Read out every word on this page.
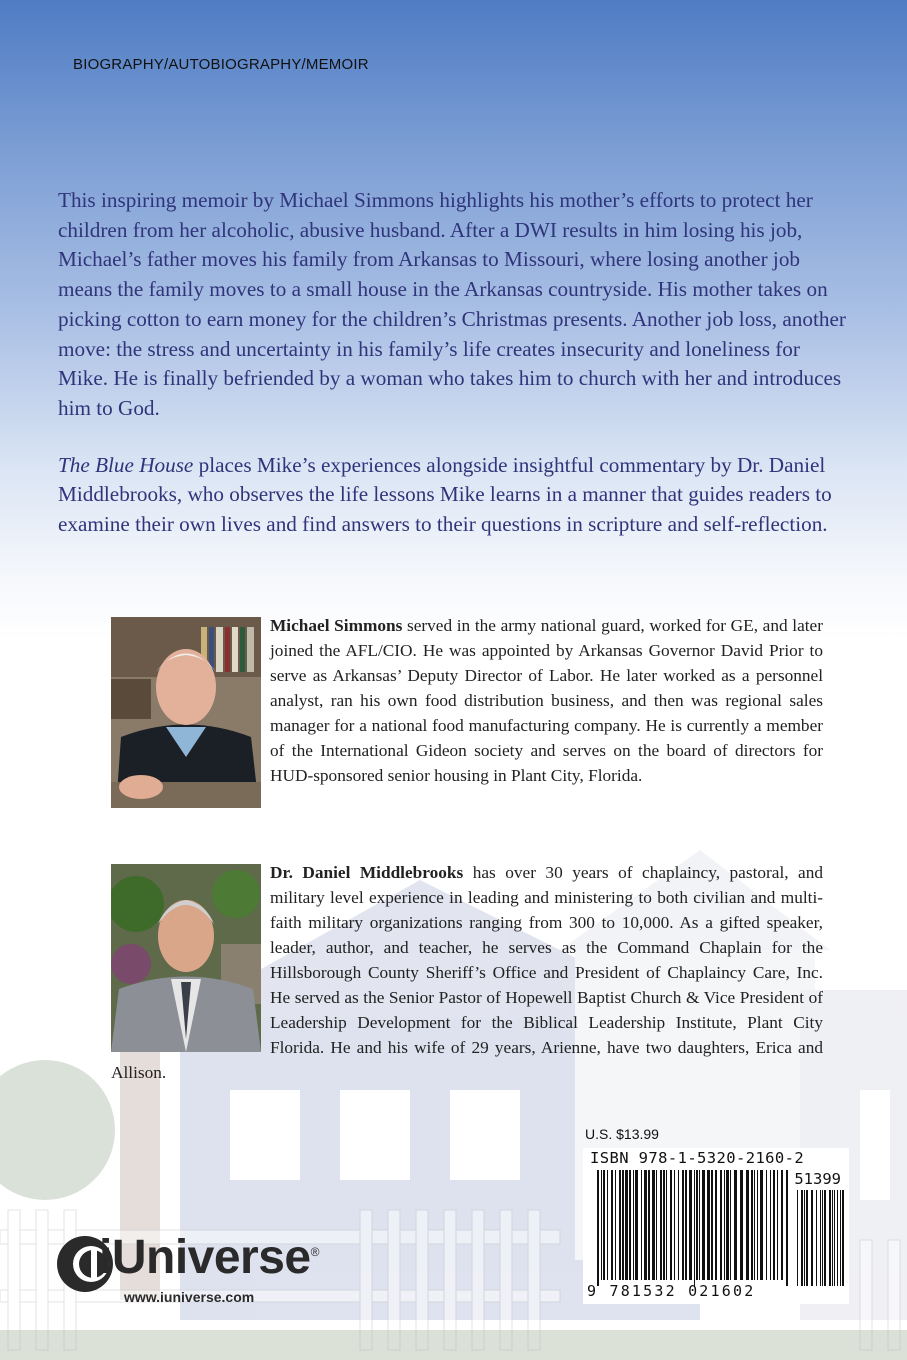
BIOGRAPHY/AUTOBIOGRAPHY/MEMOIR

This inspiring memoir by Michael Simmons highlights his mother’s efforts to protect her children from her alcoholic, abusive husband. After a DWI results in him losing his job, Michael’s father moves his family from Arkansas to Missouri, where losing another job means the family moves to a small house in the Arkansas countryside. His mother takes on picking cotton to earn money for the children’s Christmas presents. Another job loss, another move: the stress and uncertainty in his family’s life creates insecurity and loneliness for Mike. He is finally befriended by a woman who takes him to church with her and introduces him to God.

The Blue House places Mike’s experiences alongside insightful commentary by Dr. Daniel Middlebrooks, who observes the life lessons Mike learns in a manner that guides readers to examine their own lives and find answers to their questions in scripture and self-reflection.

Michael Simmons served in the army national guard, worked for GE, and later joined the AFL/CIO. He was appointed by Arkansas Governor David Prior to serve as Arkansas’ Deputy Director of Labor. He later worked as a personnel analyst, ran his own food distribution business, and then was regional sales manager for a national food manufacturing company. He is currently a member of the International Gideon society and serves on the board of directors for HUD-sponsored senior housing in Plant City, Florida.
Dr. Daniel Middlebrooks has over 30 years of chaplaincy, pastoral, and military level experience in leading and ministering to both civilian and multi-faith military organizations ranging from 300 to 10,000. As a gifted speaker, leader, author, and teacher, he serves as the Command Chaplain for the Hillsborough County Sheriff’s Office and President of Chaplaincy Care, Inc. He served as the Senior Pastor of Hopewell Baptist Church & Vice President of Leadership Development for the Biblical Leadership Institute, Plant City Florida. He and his wife of 29 years, Arienne, have two daughters, Erica and Allison.
U.S. $13.99
ISBN 978-1-5320-2160-2
51399
9 781532 021602
iUniverse®
www.iuniverse.com
